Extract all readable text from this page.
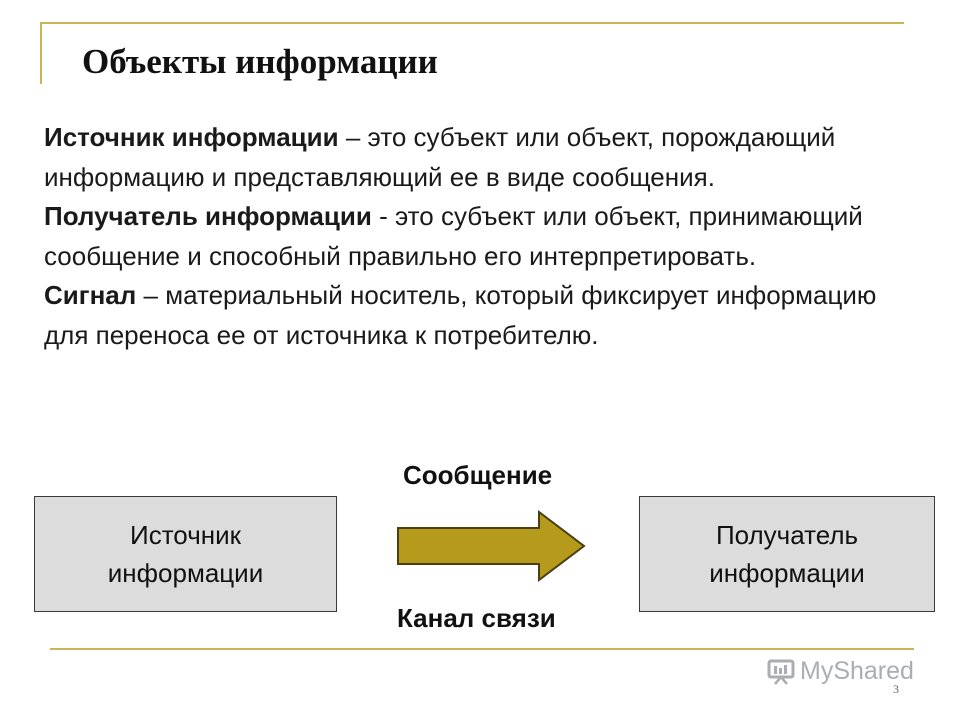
Объекты информации

Источник информации – это субъект или объект, порождающий информацию и представляющий ее в виде сообщения.

Получатель информации - это субъект или объект, принимающий сообщение и способный правильно его интерпретировать.

Сигнал – материальный носитель, который фиксирует информацию для переноса ее от источника к потребителю.

Сообщение
Источник
информации
Получатель
информации
Канал связи
MyShared
3
